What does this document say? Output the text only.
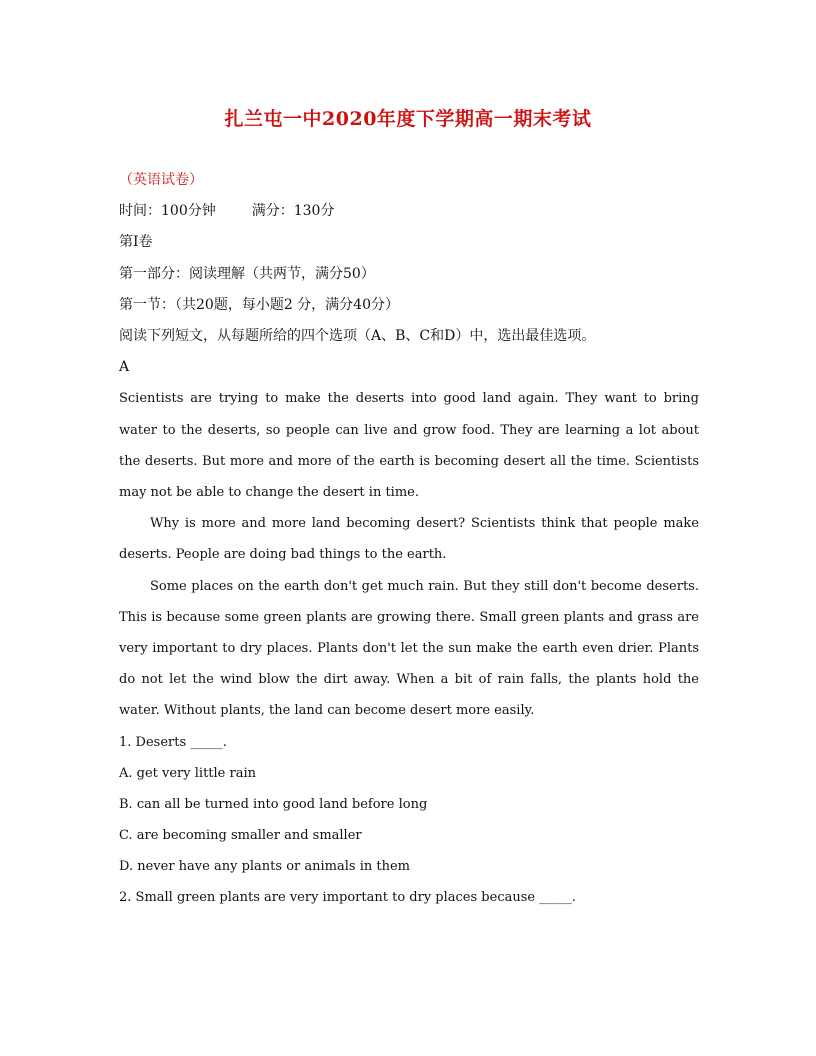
扎兰屯一中2020年度下学期高一期末考试
（英语试卷）
时间：100分钟	满分：130分
第I卷
第一部分：阅读理解（共两节，满分50）
第一节：（共20题，每小题2 分，满分40分）
阅读下列短文，从每题所给的四个选项（A、B、C和D）中，选出最佳选项。
A
Scientists are trying to make the deserts into good land again. They want to bring water to the deserts, so people can live and grow food. They are learning a lot about the deserts. But more and more of the earth is becoming desert all the time. Scientists may not be able to change the desert in time.
Why is more and more land becoming desert? Scientists think that people make deserts. People are doing bad things to the earth.
Some places on the earth don't get much rain. But they still don't become deserts. This is because some green plants are growing there. Small green plants and grass are very important to dry places. Plants don't let the sun make the earth even drier. Plants do not let the wind blow the dirt away. When a bit of rain falls, the plants hold the water. Without plants, the land can become desert more easily.
1. Deserts _____.
A. get very little rain
B. can all be turned into good land before long
C. are becoming smaller and smaller
D. never have any plants or animals in them
2. Small green plants are very important to dry places because _____.
